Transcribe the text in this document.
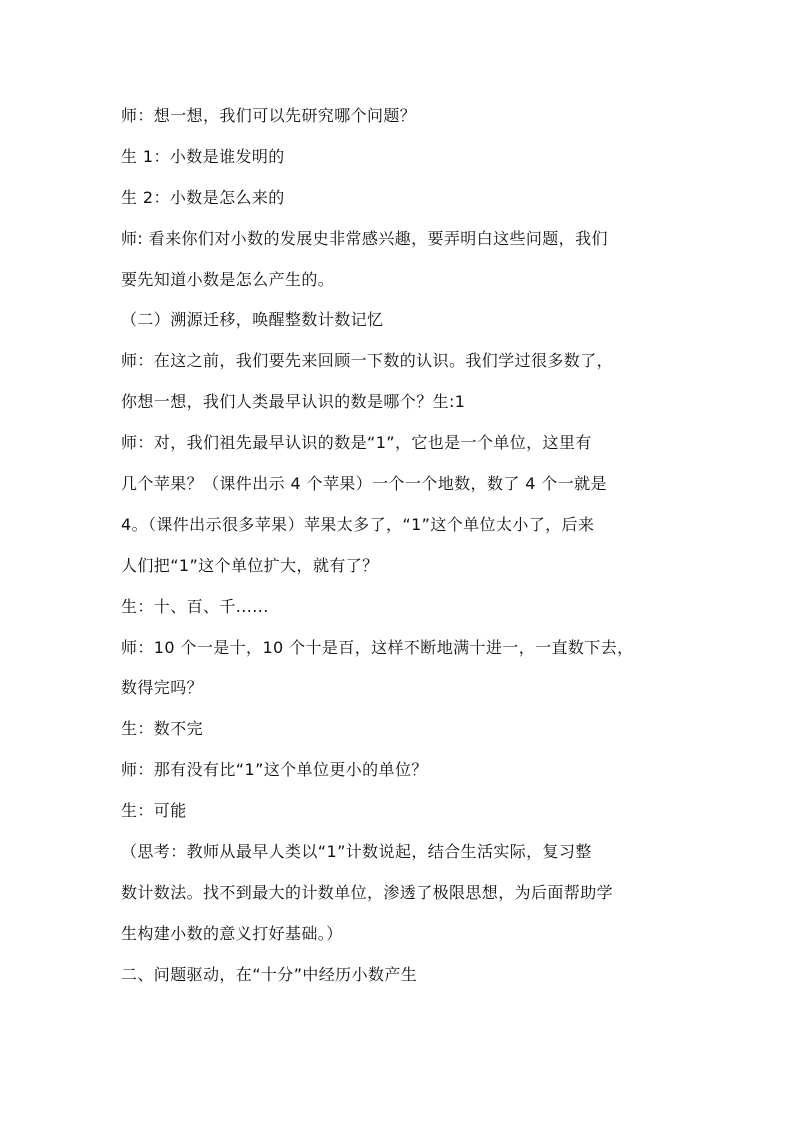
师：想一想，我们可以先研究哪个问题？
生 1：小数是谁发明的
生 2：小数是怎么来的
师: 看来你们对小数的发展史非常感兴趣，要弄明白这些问题，我们
要先知道小数是怎么产生的。
（二）溯源迁移，唤醒整数计数记忆
师：在这之前，我们要先来回顾一下数的认识。我们学过很多数了，
你想一想，我们人类最早认识的数是哪个？生:1
师：对，我们祖先最早认识的数是“1”，它也是一个单位，这里有
几个苹果？（课件出示 4 个苹果）一个一个地数，数了 4 个一就是
4。（课件出示很多苹果）苹果太多了，“1”这个单位太小了，后来
人们把“1”这个单位扩大，就有了？
生：十、百、千......
师：10 个一是十，10 个十是百，这样不断地满十进一，一直数下去，
数得完吗？
生：数不完
师：那有没有比“1”这个单位更小的单位？
生：可能
（思考：教师从最早人类以“1”计数说起，结合生活实际，复习整
数计数法。找不到最大的计数单位，渗透了极限思想，为后面帮助学
生构建小数的意义打好基础。）
二、问题驱动，在“十分”中经历小数产生
